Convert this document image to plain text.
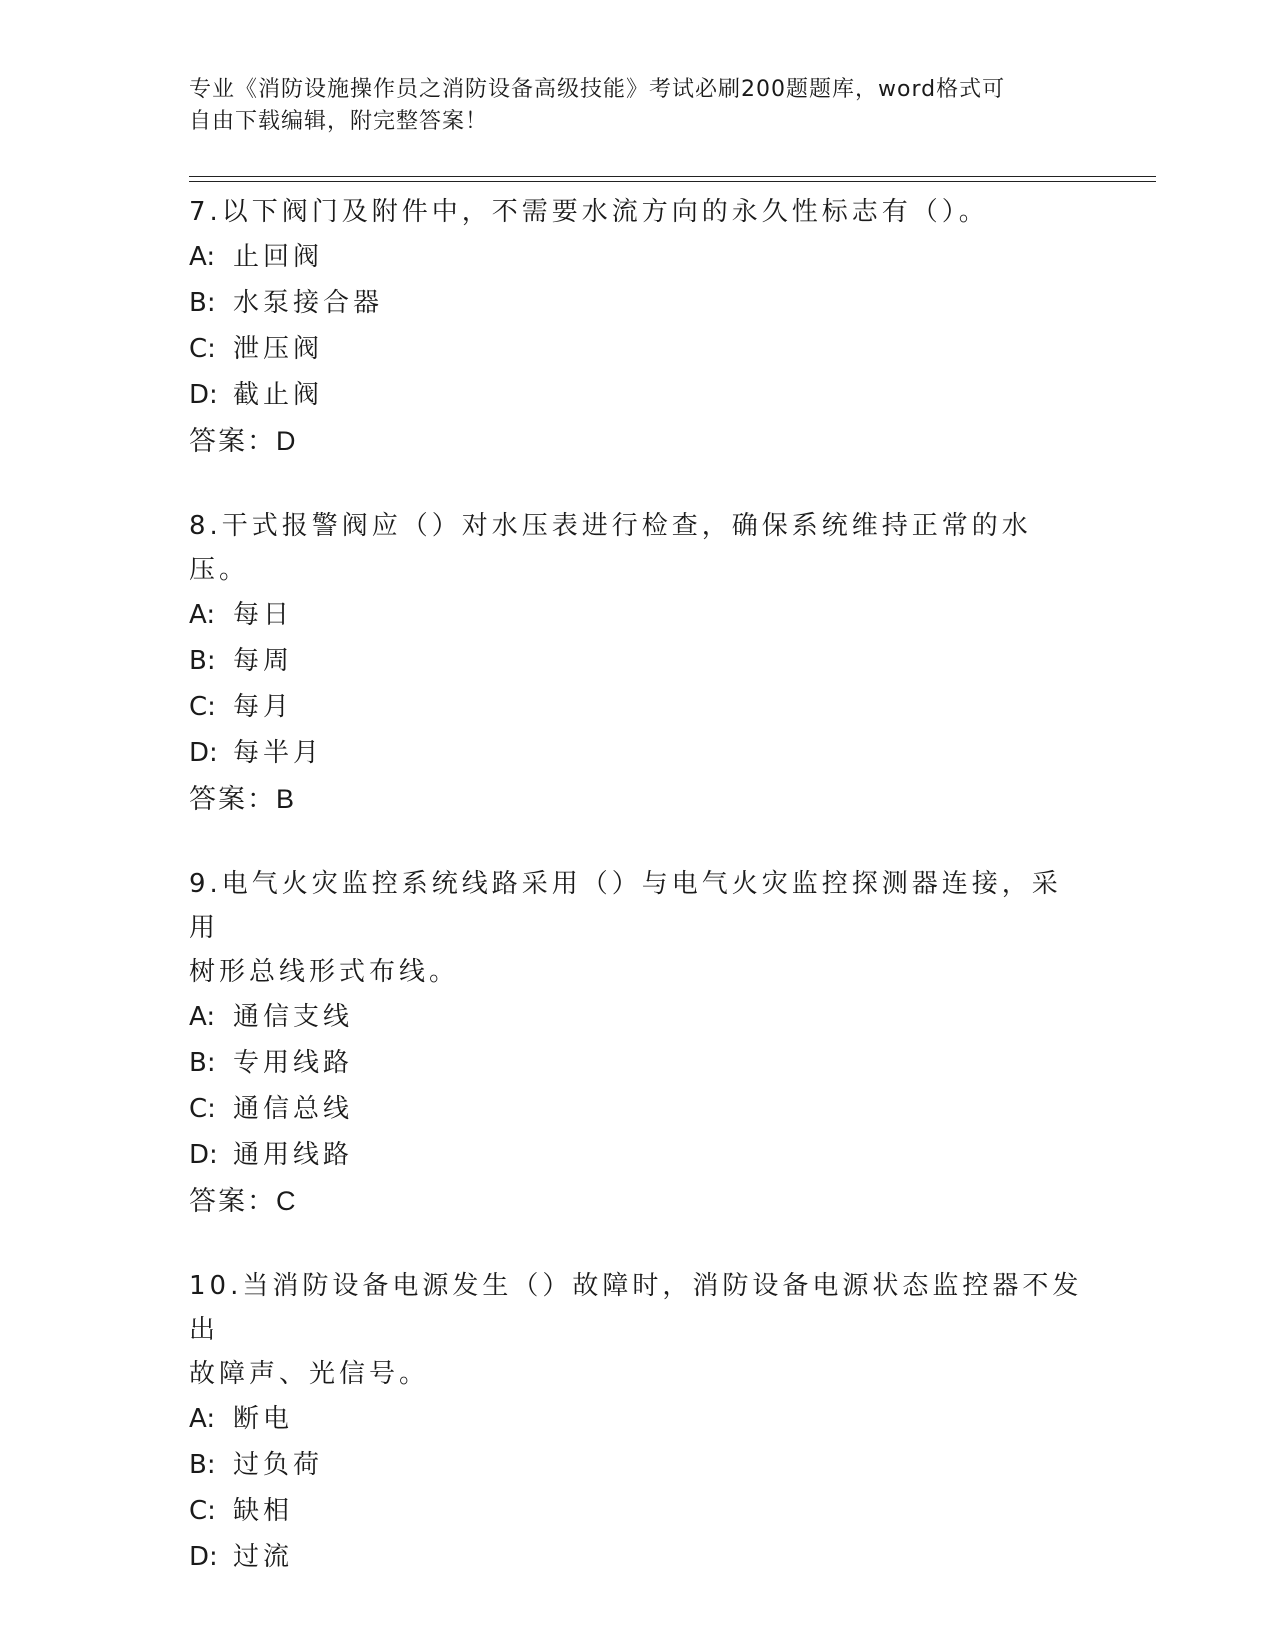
专业《消防设施操作员之消防设备高级技能》考试必刷200题题库，word格式可
自由下载编辑，附完整答案！
7.以下阀门及附件中，不需要水流方向的永久性标志有（）。
A: 止回阀
B: 水泵接合器
C: 泄压阀
D: 截止阀
答案：D
8.干式报警阀应（）对水压表进行检查，确保系统维持正常的水压。
A: 每日
B: 每周
C: 每月
D: 每半月
答案：B
9.电气火灾监控系统线路采用（）与电气火灾监控探测器连接，采用
树形总线形式布线。
A: 通信支线
B: 专用线路
C: 通信总线
D: 通用线路
答案：C
10.当消防设备电源发生（）故障时，消防设备电源状态监控器不发出
故障声、光信号。
A: 断电
B: 过负荷
C: 缺相
D: 过流
